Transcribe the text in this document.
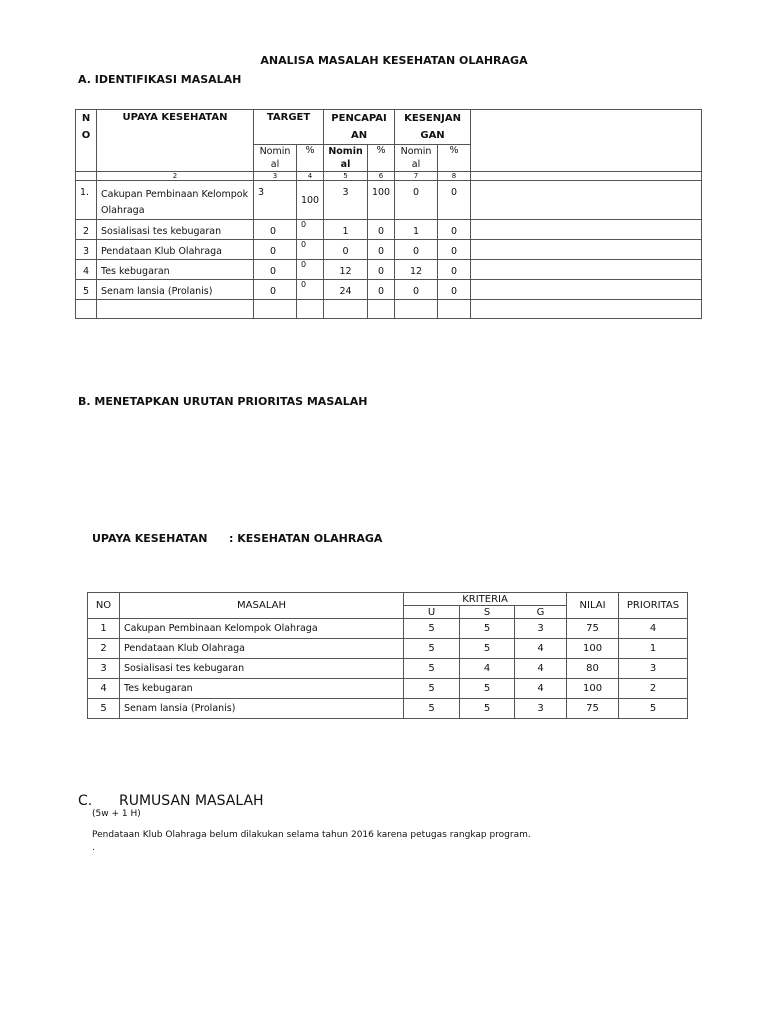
ANALISA MASALAH KESEHATAN OLAHRAGA
A. IDENTIFIKASI MASALAH
N
O	UPAYA KESEHATAN	TARGET		PENCAPAI
AN		KESENJAN
GAN		
		Nomin
al	%	Nomin
al	%	Nomin
al	%	
	2	3	4	5	6	7	8	
1.	Cakupan Pembinaan Kelompok Olahraga	3	100	3	100	0	0	
2	Sosialisasi tes kebugaran	0	0	1	0	1	0	
3	Pendataan Klub Olahraga	0	0	0	0	0	0	
4	Tes kebugaran	0	0	12	0	12	0	
5	Senam lansia (Prolanis)	0	0	24	0	0	0	

B. MENETAPKAN URUTAN PRIORITAS MASALAH
UPAYA KESEHATAN : KESEHATAN OLAHRAGA
NO	MASALAH	KRITERIA			NILAI	PRIORITAS
		U	S	G		
1	Cakupan Pembinaan Kelompok Olahraga	5	5	3	75	4
2	Pendataan Klub Olahraga	5	5	4	100	1
3	Sosialisasi tes kebugaran	5	4	4	80	3
4	Tes kebugaran	5	5	4	100	2
5	Senam lansia (Prolanis)	5	5	3	75	5
C. RUMUSAN MASALAH
(5w + 1 H)
Pendataan Klub Olahraga belum dilakukan selama tahun 2016 karena petugas rangkap program.
.
